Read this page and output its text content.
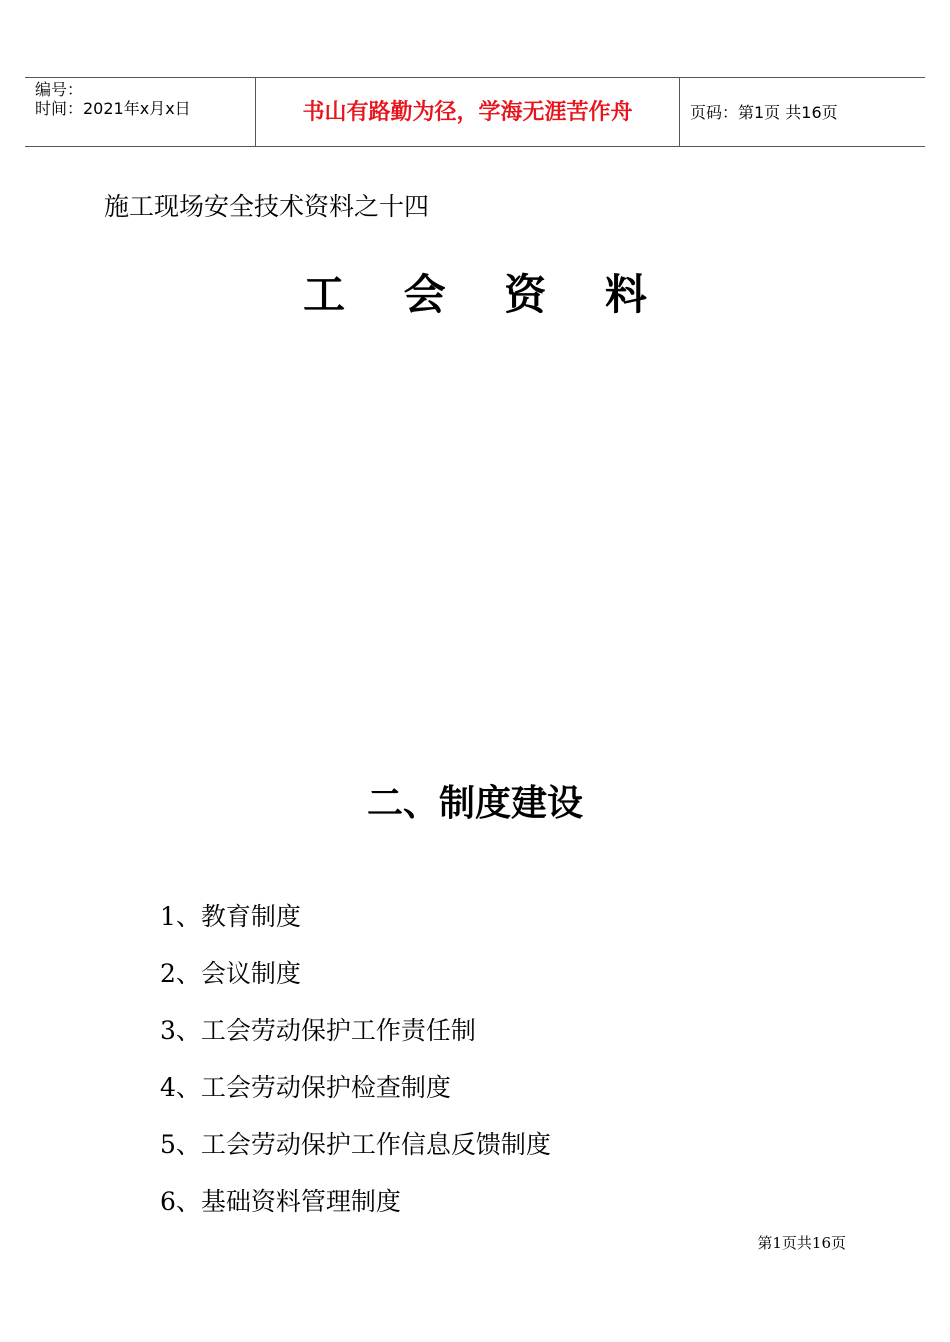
编号：
时间：2021年x月x日	书山有路勤为径，学海无涯苦作舟	页码：第1页 共16页
施工现场安全技术资料之十四
工 会 资 料
二、制度建设
1、教育制度
2、会议制度
3、工会劳动保护工作责任制
4、工会劳动保护检查制度
5、工会劳动保护工作信息反馈制度
6、基础资料管理制度
第1页共16页
